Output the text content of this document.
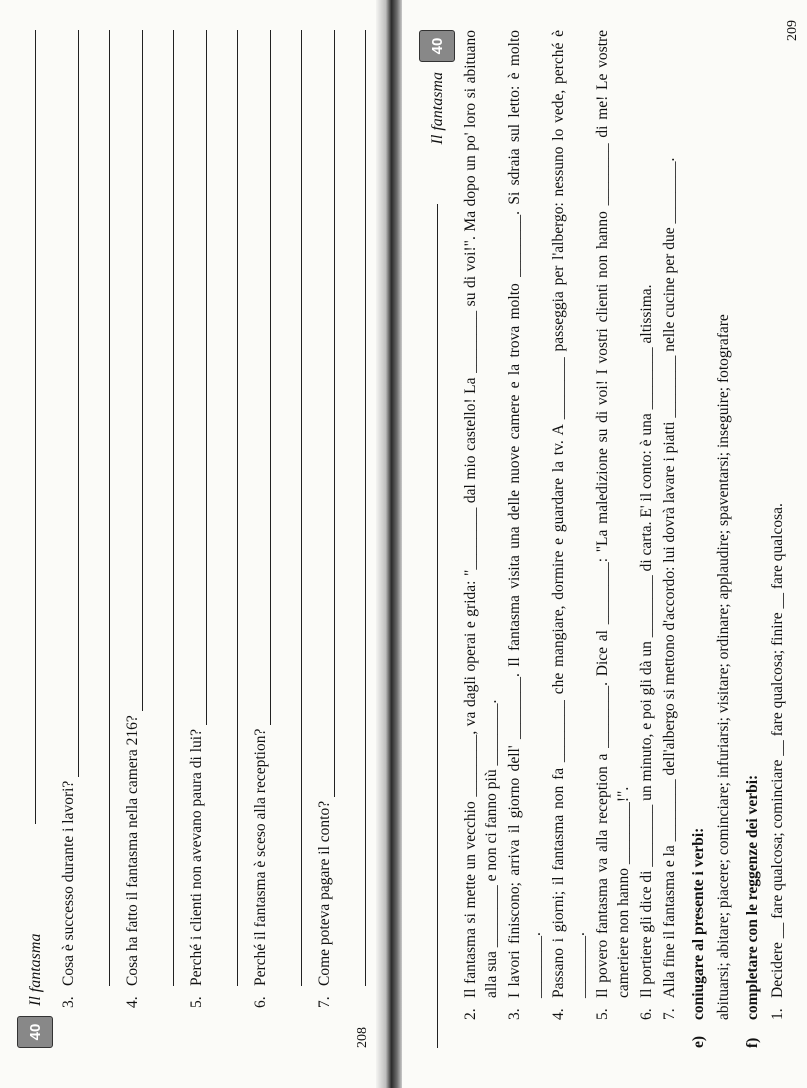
40
Il fantasma 3.
Cosa è successo durante i lavori?
4.
Cosa ha fatto il fantasma nella camera 216?
5.
Perché i clienti non avevano paura di lui?
6.
Perché il fantasma è sceso alla reception?
7.
Come poteva pagare il conto?
208
Il fantasma
40
2.
Il fantasma si mette un vecchio ________, va dagli operai e grida: "________ dal mio castello! La ________ su di voi!". Ma dopo un po' loro si abituano alla sua ________ e non ci fanno più ________.
3.
I lavori finiscono; arriva il giorno dell' ________. Il fantasma visita una delle nuove camere e la trova molto ________. Si sdraia sul letto: è molto ________.
4.
Passano i giorni; il fantasma non fa ________ che mangiare, dormire e guardare la tv. A ________ passeggia per l'albergo: nessuno lo vede, perché è ________.
5.
Il povero fantasma va alla reception a ________. Dice al ________: "La maledizione su di voi! I vostri clienti non hanno ________ di me! Le vostre cameriere non hanno ________!".
6.
Il portiere gli dice di ________ un minuto, e poi gli dà un ________ di carta. E' il conto: è una ________ altissima.
7.
Alla fine il fantasma e la ________ dell'albergo si mettono d'accordo: lui dovrà lavare i piatti ________ nelle cucine per due ________.
e)
coniugare al presente i verbi: abituarsi; abitare; piacere; cominciare; infuriarsi; visitare; ordinare; applaudire; spaventarsi; inseguire; fotografare
f)
completare con le reggenze dei verbi: 1.
Decidere __ fare qualcosa; cominciare __ fare qualcosa; finire __ fare qualcosa.
209
